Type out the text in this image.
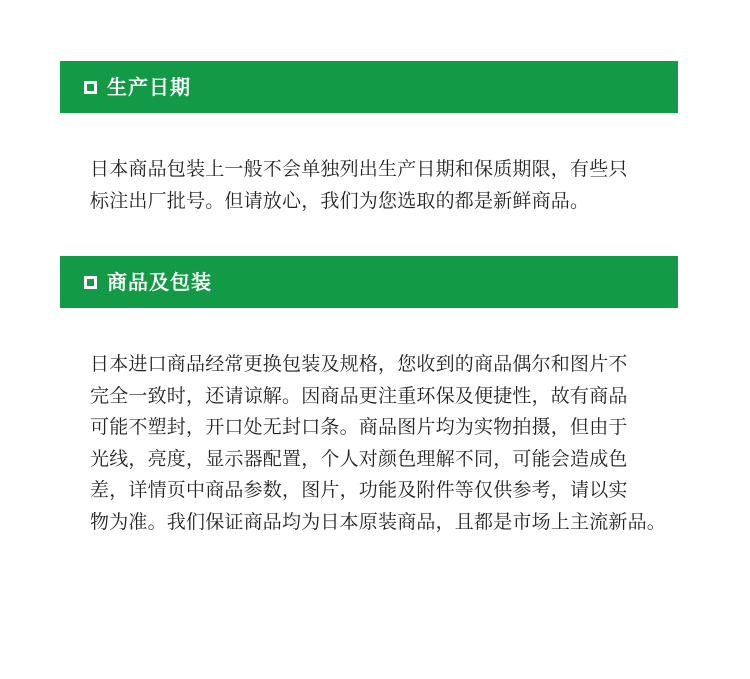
生产日期
日本商品包装上一般不会单独列出生产日期和保质期限，有些只
标注出厂批号。但请放心，我们为您选取的都是新鲜商品。
商品及包装
日本进口商品经常更换包装及规格，您收到的商品偶尔和图片不
完全一致时，还请谅解。因商品更注重环保及便捷性，故有商品
可能不塑封，开口处无封口条。商品图片均为实物拍摄，但由于
光线，亮度，显示器配置，个人对颜色理解不同，可能会造成色
差，详情页中商品参数，图片，功能及附件等仅供参考，请以实
物为准。我们保证商品均为日本原装商品，且都是市场上主流新品。
